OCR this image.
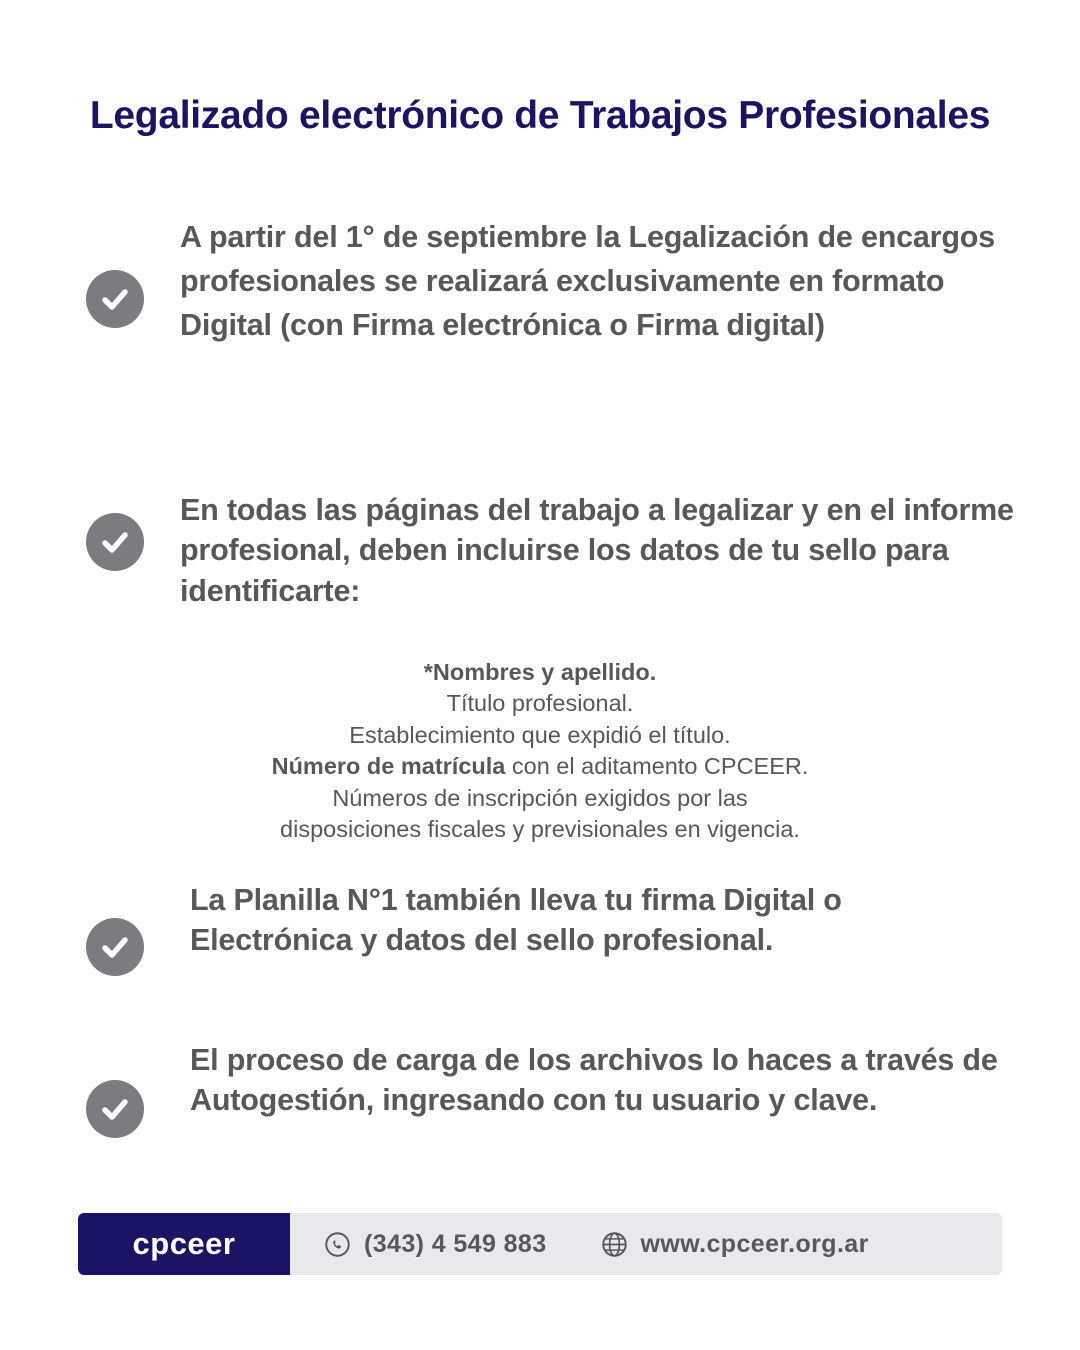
Legalizado electrónico de Trabajos Profesionales
A partir del 1° de septiembre la Legalización de encargos profesionales se realizará exclusivamente en formato Digital (con Firma electrónica o Firma digital)
En todas las páginas del trabajo a legalizar y en el informe profesional, deben incluirse los datos de tu sello para identificarte:
*Nombres y apellido.
Título profesional.
Establecimiento que expidió el título.
Número de matrícula con el aditamento CPCEER.
Números de inscripción exigidos por las
disposiciones fiscales y previsionales en vigencia.
La Planilla N°1 también lleva tu firma Digital o Electrónica y datos del sello profesional.
El proceso de carga de los archivos lo haces a través de Autogestión, ingresando con tu usuario y clave.
cpceer	(343) 4 549 883	www.cpceer.org.ar
